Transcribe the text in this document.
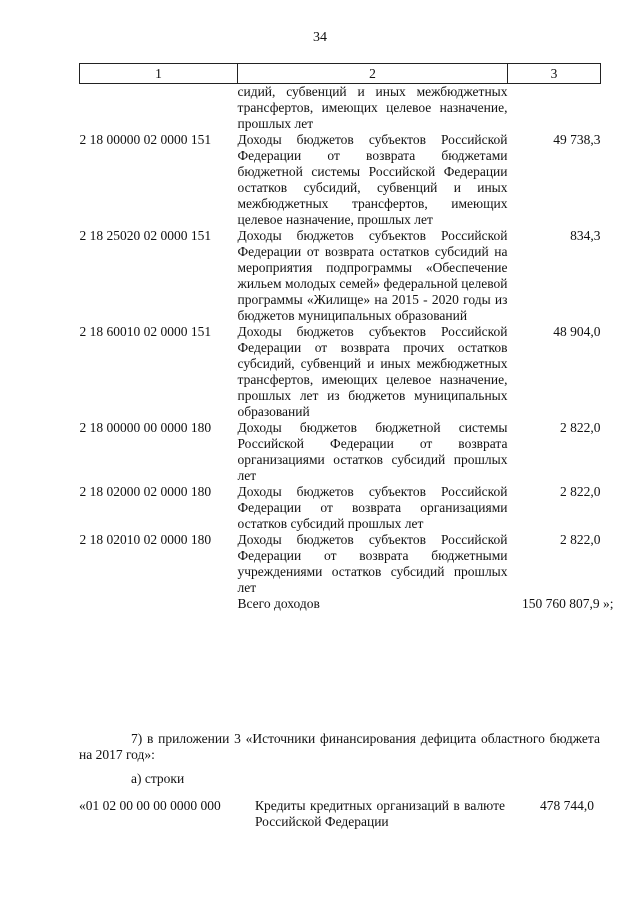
34
1	2	3
	сидий, субвенций и иных межбюджетных трансфертов, имеющих целевое назначение, прошлых лет	
2 18 00000 02 0000 151	Доходы бюджетов субъектов Российской Федерации от возврата бюджетами бюджетной системы Российской Федерации остатков субсидий, субвенций и иных межбюджетных трансфертов, имеющих целевое назначение, прошлых лет	49 738,3
2 18 25020 02 0000 151	Доходы бюджетов субъектов Российской Федерации от возврата остатков субсидий на мероприятия подпрограммы «Обеспечение жильем молодых семей» федеральной целевой программы «Жилище» на 2015 - 2020 годы из бюджетов муниципальных образований	834,3
2 18 60010 02 0000 151	Доходы бюджетов субъектов Российской Федерации от возврата прочих остатков субсидий, субвенций и иных межбюджетных трансфертов, имеющих целевое назначение, прошлых лет из бюджетов муниципальных образований	48 904,0
2 18 00000 00 0000 180	Доходы бюджетов бюджетной системы Российской Федерации от возврата организациями остатков субсидий прошлых лет	2 822,0
2 18 02000 02 0000 180	Доходы бюджетов субъектов Российской Федерации от возврата организациями остатков субсидий прошлых лет	2 822,0
2 18 02010 02 0000 180	Доходы бюджетов субъектов Российской Федерации от возврата бюджетными учреждениями остатков субсидий прошлых лет	2 822,0
	Всего доходов	150 760 807,9 »;
7) в приложении 3 «Источники финансирования дефицита областного бюджета на 2017 год»:
а) строки
«01 02 00 00 00 0000 000	Кредиты кредитных организаций в валюте Российской Федерации	478 744,0
